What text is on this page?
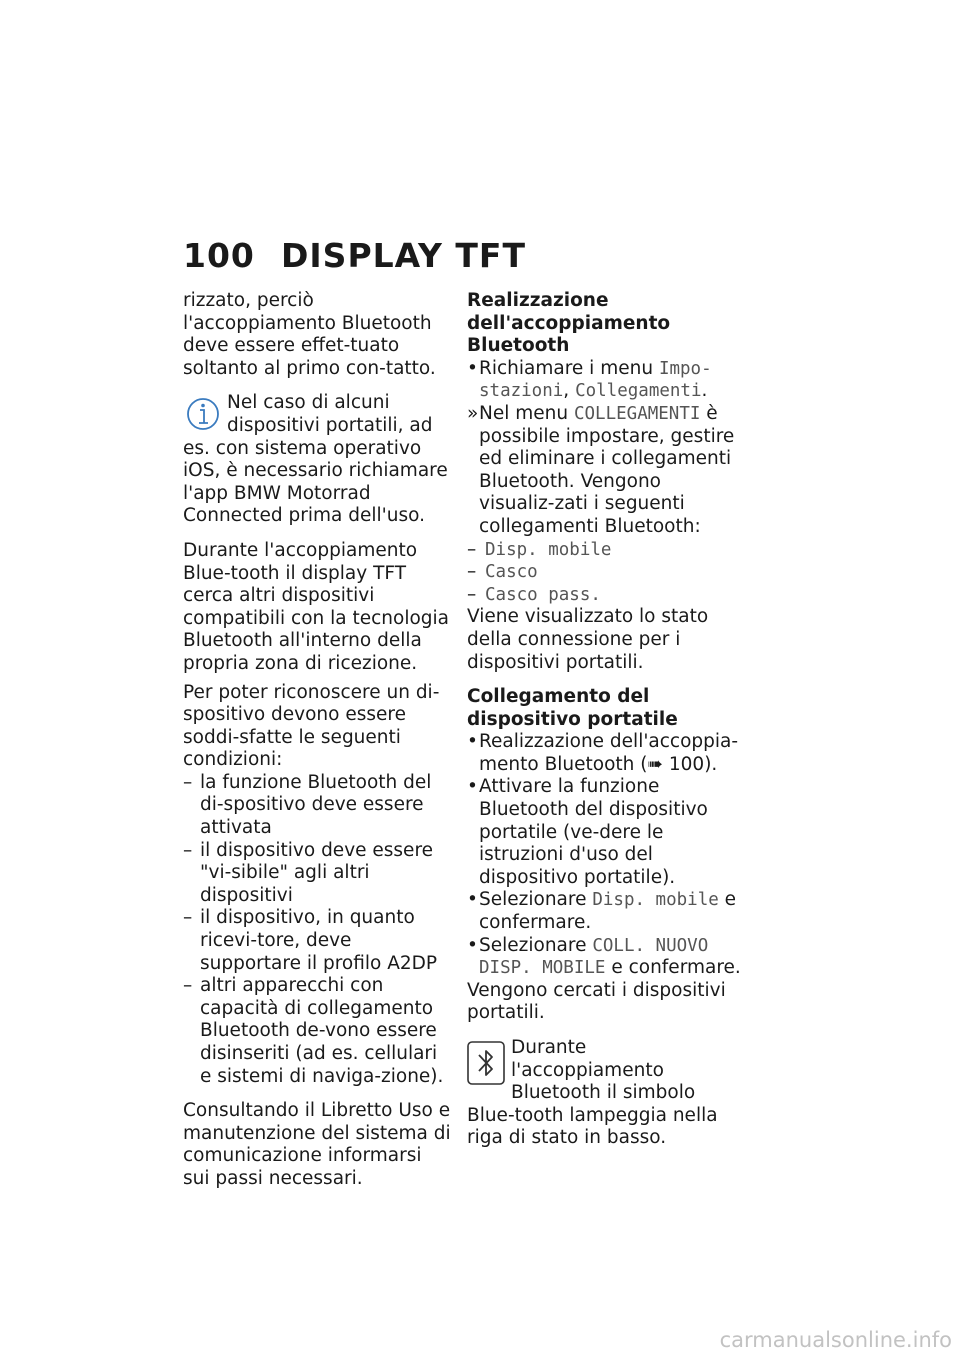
100 DISPLAY TFT

rizzato, perciò l'accoppiamento Bluetooth deve essere effet-tuato soltanto al primo con-tatto.

Nel caso di alcuni dispositivi portatili, ad es. con sistema operativo iOS, è necessario richiamare l'app BMW Motorrad Connected prima dell'uso.

Durante l'accoppiamento Blue-tooth il display TFT cerca altri dispositivi compatibili con la tecnologia Bluetooth all'interno della propria zona di ricezione.

Per poter riconoscere un di-spositivo devono essere soddi-sfatte le seguenti condizioni:

– la funzione Bluetooth del di-spositivo deve essere attivata
– il dispositivo deve essere "vi-sibile" agli altri dispositivi
– il dispositivo, in quanto ricevi-tore, deve supportare il profilo A2DP
– altri apparecchi con capacità di collegamento Bluetooth de-vono essere disinseriti (ad es. cellulari e sistemi di naviga-zione).

Consultando il Libretto Uso e manutenzione del sistema di comunicazione informarsi sui passi necessari.

Realizzazione dell'accoppiamento Bluetooth

• Richiamare i menu Impo-stazioni, Collegamenti.
» Nel menu COLLEGAMENTI è possibile impostare, gestire ed eliminare i collegamenti Bluetooth. Vengono visualiz-zati i seguenti collegamenti Bluetooth:
– Disp. mobile
– Casco
– Casco pass.

Viene visualizzato lo stato della connessione per i dispositivi portatili.

Collegamento del dispositivo portatile

• Realizzazione dell'accoppia-mento Bluetooth (➠ 100).
• Attivare la funzione Bluetooth del dispositivo portatile (ve-dere le istruzioni d'uso del dispositivo portatile).
• Selezionare Disp. mobile e confermare.
• Selezionare COLL. NUOVO DISP. MOBILE e confermare.

Vengono cercati i dispositivi portatili.

Durante l'accoppiamento Bluetooth il simbolo Blue-tooth lampeggia nella riga di stato in basso.

carmanualsonline.info
